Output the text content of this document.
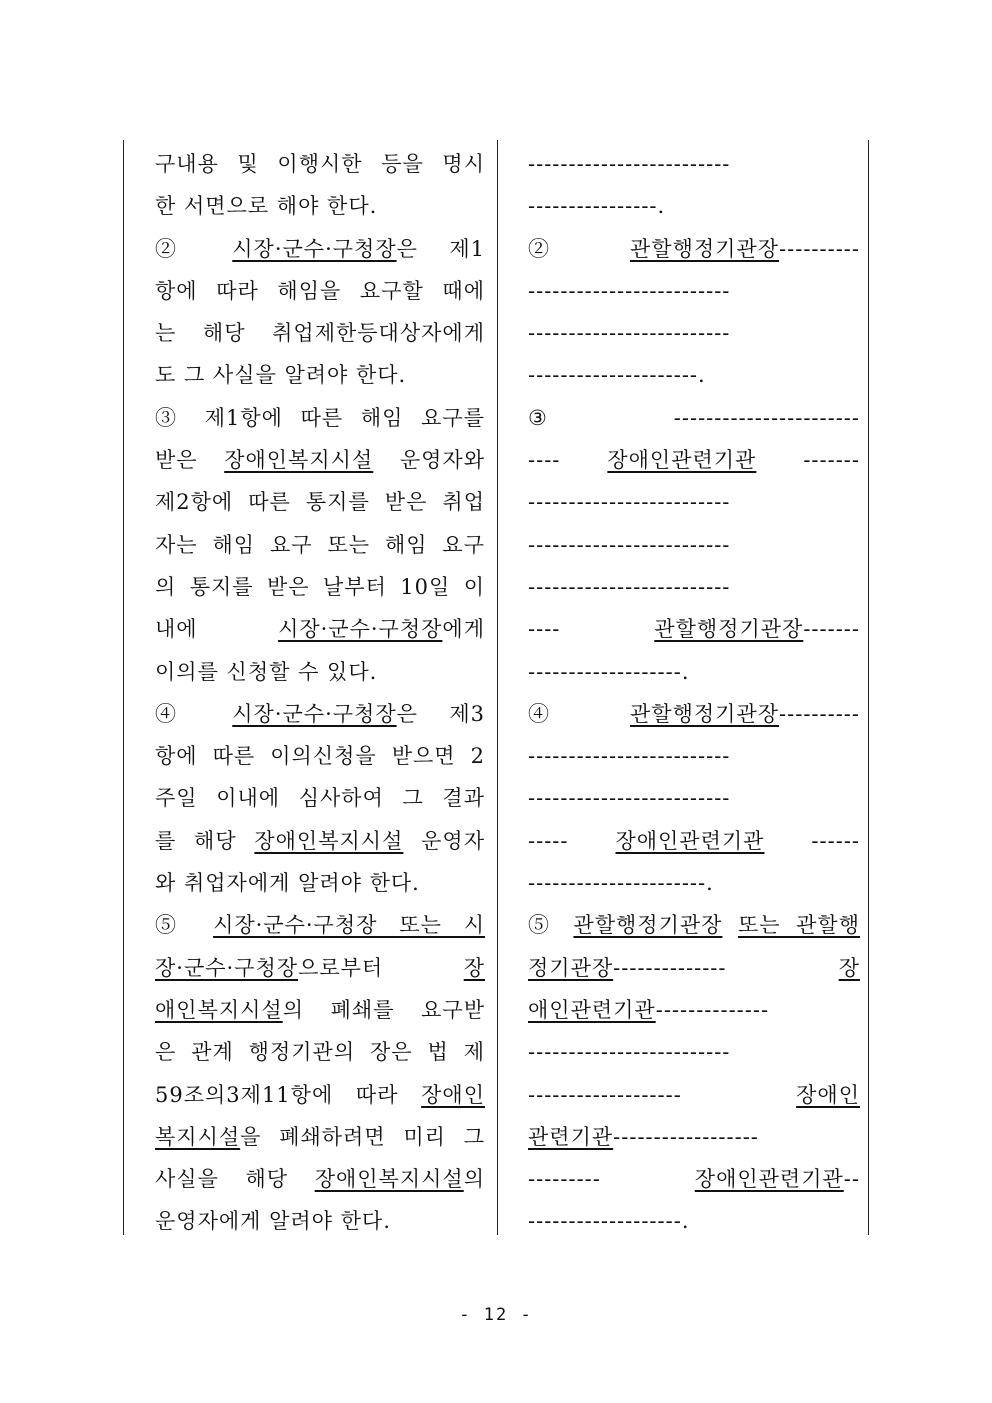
구내용 및 이행시한 등을 명시
한 서면으로 해야 한다.
② 시장·군수·구청장은 제1
항에 따라 해임을 요구할 때에
는 해당 취업제한등대상자에게
도 그 사실을 알려야 한다.
③ 제1항에 따른 해임 요구를
받은 장애인복지시설 운영자와
제2항에 따른 통지를 받은 취업
자는 해임 요구 또는 해임 요구
의 통지를 받은 날부터 10일 이
내에 시장·군수·구청장에게
이의를 신청할 수 있다.
④ 시장·군수·구청장은 제3
항에 따른 이의신청을 받으면 2
주일 이내에 심사하여 그 결과
를 해당 장애인복지시설 운영자
와 취업자에게 알려야 한다.
⑤ 시장·군수·구청장 또는 시
장·군수·구청장으로부터 장
애인복지시설의 폐쇄를 요구받
은 관계 행정기관의 장은 법 제
59조의3제11항에 따라 장애인
복지시설을 폐쇄하려면 미리 그
사실을 해당 장애인복지시설의
운영자에게 알려야 한다.
-------------------------
----------------.
② 관할행정기관장----------
-------------------------
-------------------------
---------------------.
③ -----------------------
---- 장애인관련기관 -------
-------------------------
-------------------------
-------------------------
---- 관할행정기관장-------
-------------------.
④ 관할행정기관장----------
-------------------------
-------------------------
----- 장애인관련기관 ------
----------------------.
⑤ 관할행정기관장 또는 관할행
정기관장-------------- 장
애인관련기관--------------
-------------------------
------------------- 장애인
관련기관------------------
--------- 장애인관련기관--
-------------------.
- 12 -
